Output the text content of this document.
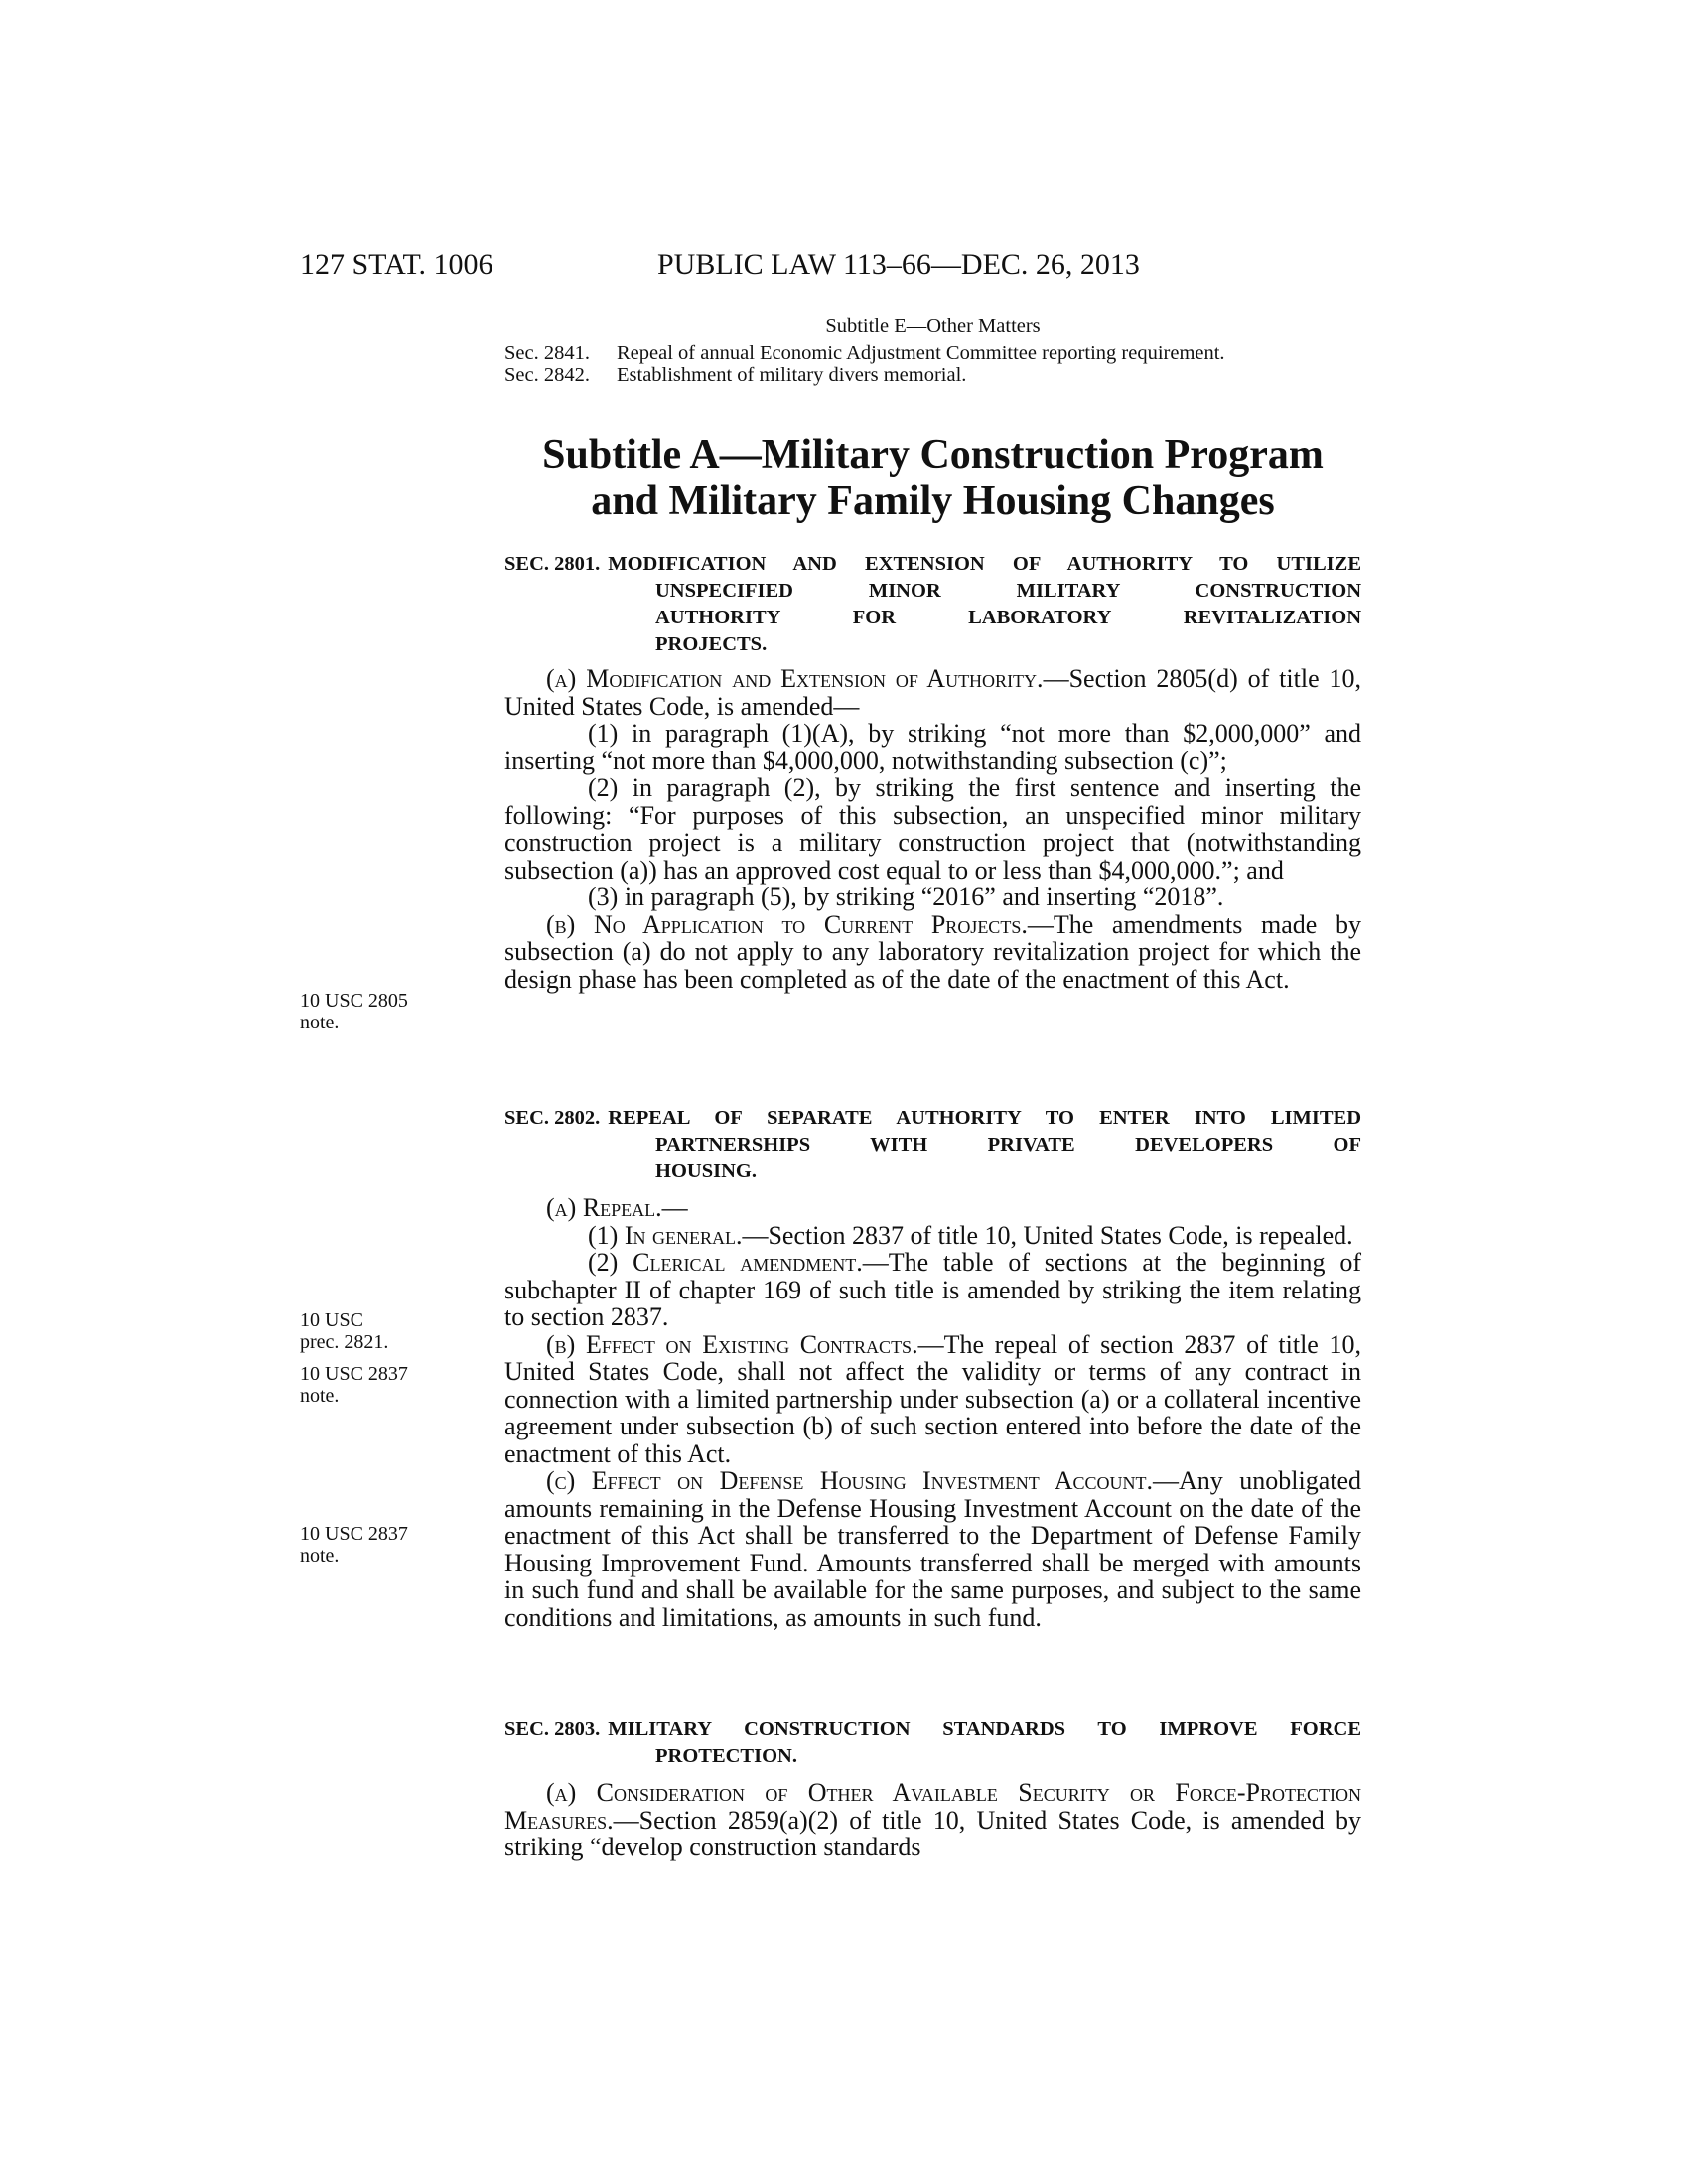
127 STAT. 1006	PUBLIC LAW 113–66—DEC. 26, 2013
Subtitle E—Other Matters
Sec. 2841.	Repeal of annual Economic Adjustment Committee reporting requirement.
Sec. 2842.	Establishment of military divers memorial.
Subtitle A—Military Construction Program
and Military Family Housing Changes
SEC. 2801. MODIFICATION AND EXTENSION OF AUTHORITY TO UTILIZE
UNSPECIFIED MINOR MILITARY CONSTRUCTION
AUTHORITY FOR LABORATORY REVITALIZATION
PROJECTS.

(a) Modification and Extension of Authority.—Section 2805(d) of title 10, United States Code, is amended—

(1) in paragraph (1)(A), by striking “not more than $2,000,000” and inserting “not more than $4,000,000, notwithstanding subsection (c)”;

(2) in paragraph (2), by striking the first sentence and inserting the following: “For purposes of this subsection, an unspecified minor military construction project is a military construction project that (notwithstanding subsection (a)) has an approved cost equal to or less than $4,000,000.”; and

(3) in paragraph (5), by striking “2016” and inserting “2018”.

(b) No Application to Current Projects.—The amendments made by subsection (a) do not apply to any laboratory revitalization project for which the design phase has been completed as of the date of the enactment of this Act.

10 USC 2805
note.
SEC. 2802. REPEAL OF SEPARATE AUTHORITY TO ENTER INTO LIMITED
PARTNERSHIPS WITH PRIVATE DEVELOPERS OF
HOUSING.

(a) Repeal.—

(1) In general.—Section 2837 of title 10, United States Code, is repealed.

(2) Clerical amendment.—The table of sections at the beginning of subchapter II of chapter 169 of such title is amended by striking the item relating to section 2837.

(b) Effect on Existing Contracts.—The repeal of section 2837 of title 10, United States Code, shall not affect the validity or terms of any contract in connection with a limited partnership under subsection (a) or a collateral incentive agreement under subsection (b) of such section entered into before the date of the enactment of this Act.

(c) Effect on Defense Housing Investment Account.—Any unobligated amounts remaining in the Defense Housing Investment Account on the date of the enactment of this Act shall be transferred to the Department of Defense Family Housing Improvement Fund. Amounts transferred shall be merged with amounts in such fund and shall be available for the same purposes, and subject to the same conditions and limitations, as amounts in such fund.

10 USC
prec. 2821.
10 USC 2837
note.
10 USC 2837
note.
SEC. 2803. MILITARY CONSTRUCTION STANDARDS TO IMPROVE FORCE
PROTECTION.

(a) Consideration of Other Available Security or Force-Protection Measures.—Section 2859(a)(2) of title 10, United States Code, is amended by striking “develop construction standards
